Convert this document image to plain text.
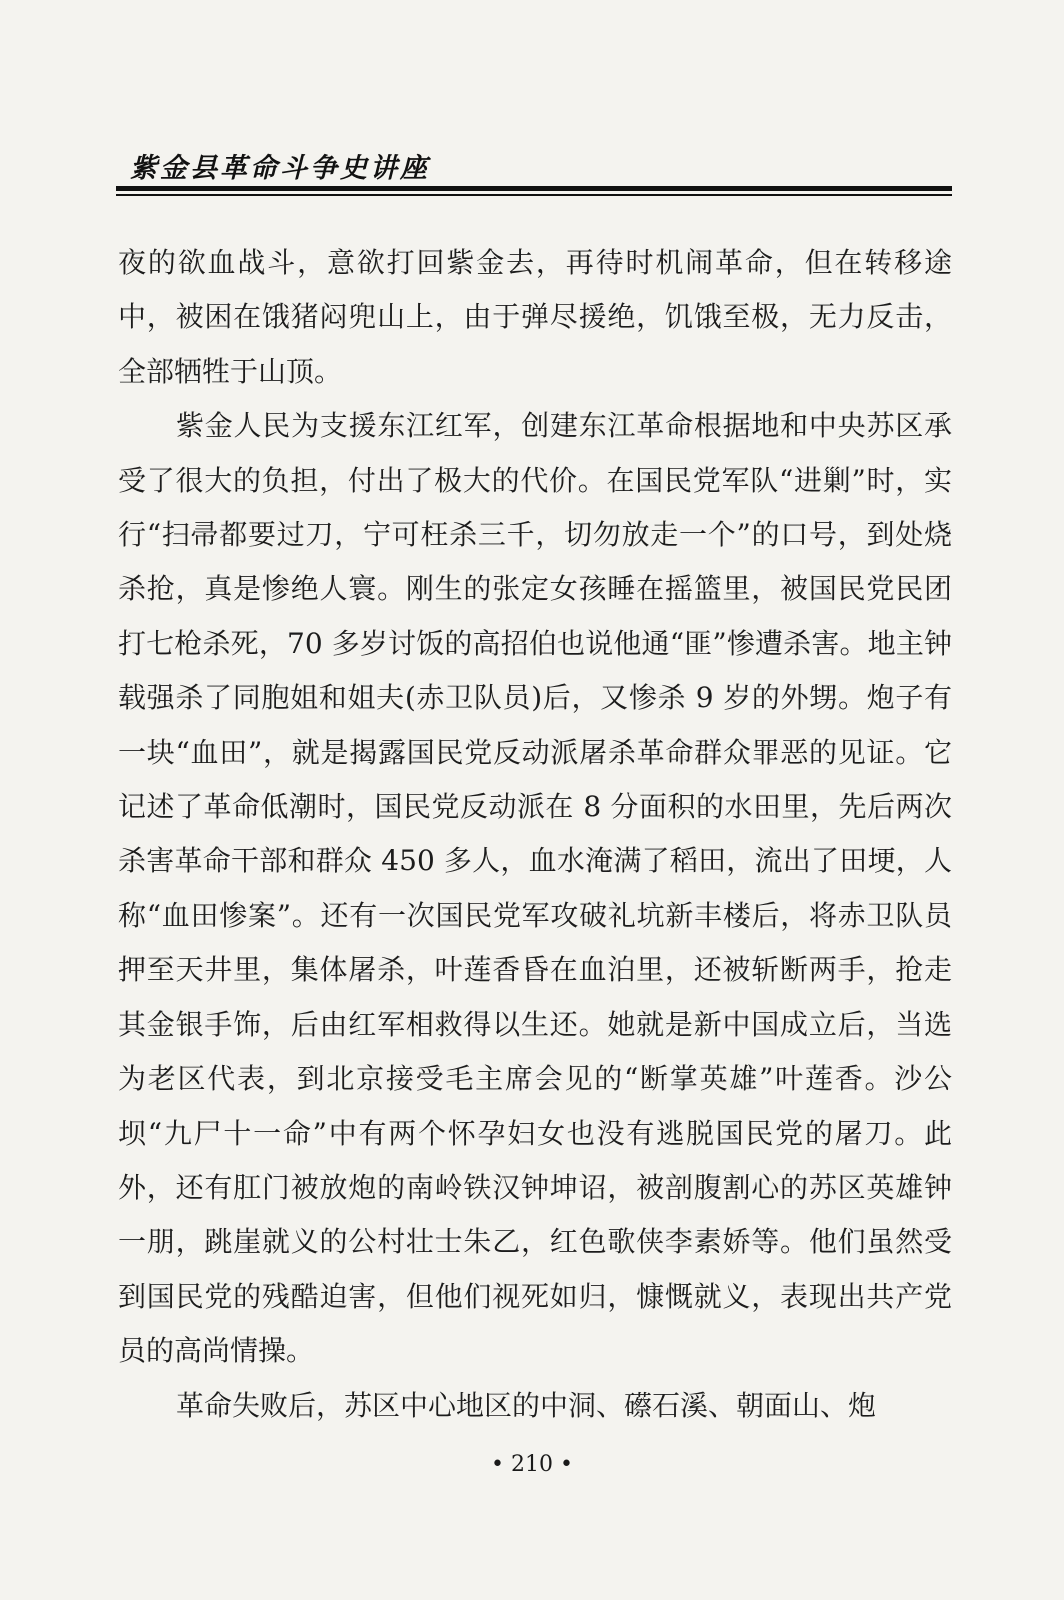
紫金县革命斗争史讲座

夜的欲血战斗，意欲打回紫金去，再待时机闹革命，但在转移途中，被困在饿猪闷兜山上，由于弹尽援绝，饥饿至极，无力反击，全部牺牲于山顶。

紫金人民为支援东江红军，创建东江革命根据地和中央苏区承受了很大的负担，付出了极大的代价。在国民党军队“进剿”时，实行“扫帚都要过刀，宁可枉杀三千，切勿放走一个”的口号，到处烧杀抢，真是惨绝人寰。刚生的张定女孩睡在摇篮里，被国民党民团打七枪杀死，70 多岁讨饭的高招伯也说他通“匪”惨遭杀害。地主钟载强杀了同胞姐和姐夫(赤卫队员)后，又惨杀 9 岁的外甥。炮子有一块“血田”，就是揭露国民党反动派屠杀革命群众罪恶的见证。它记述了革命低潮时，国民党反动派在 8 分面积的水田里，先后两次杀害革命干部和群众 450 多人，血水淹满了稻田，流出了田埂，人称“血田惨案”。还有一次国民党军攻破礼坑新丰楼后，将赤卫队员押至天井里，集体屠杀，叶莲香昏在血泊里，还被斩断两手，抢走其金银手饰，后由红军相救得以生还。她就是新中国成立后，当选为老区代表，到北京接受毛主席会见的“断掌英雄”叶莲香。沙公坝“九尸十一命”中有两个怀孕妇女也没有逃脱国民党的屠刀。此外，还有肛门被放炮的南岭铁汉钟坤诏，被剖腹割心的苏区英雄钟一朋，跳崖就义的公村壮士朱乙，红色歌侠李素娇等。他们虽然受到国民党的残酷迫害，但他们视死如归，慷慨就义，表现出共产党员的高尚情操。

革命失败后，苏区中心地区的中洞、礤石溪、朝面山、炮

• 210 •
